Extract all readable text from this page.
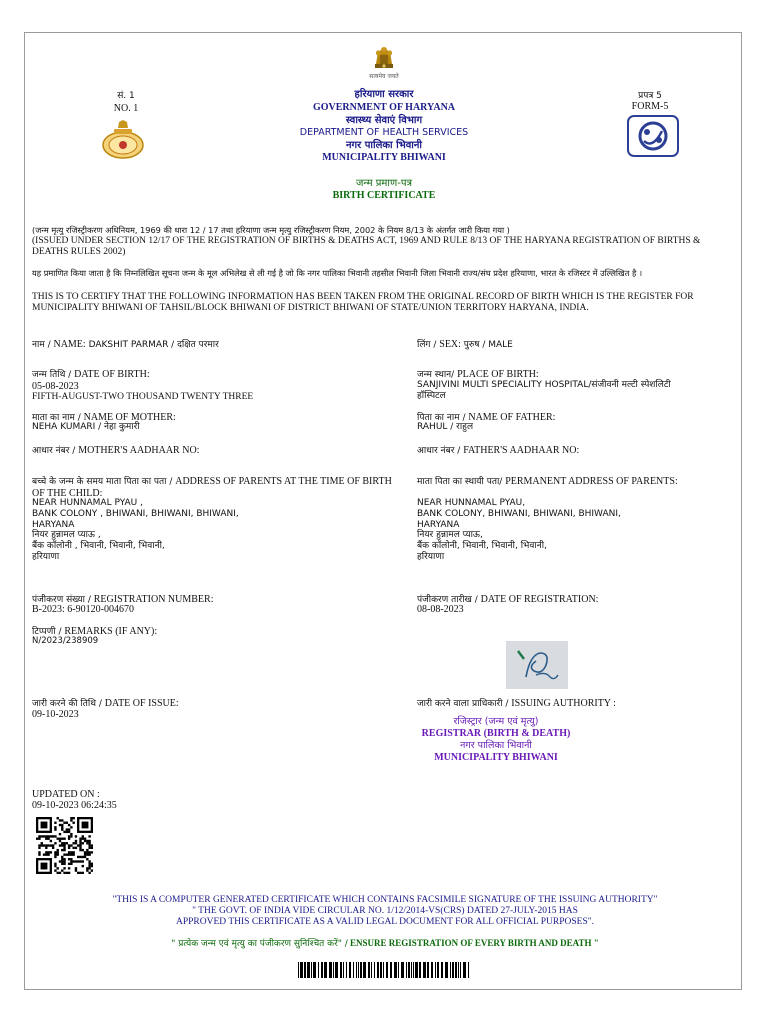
सत्यमेव जयते
सं. 1
NO. 1
प्रपत्र 5
FORM-5
हरियाणा सरकार
GOVERNMENT OF HARYANA
स्वास्थ्य सेवाएं विभाग
DEPARTMENT OF HEALTH SERVICES
नगर पालिका भिवानी
MUNICIPALITY BHIWANI
जन्म प्रमाण-पत्र
BIRTH CERTIFICATE
(जन्म मृत्यु रजिस्ट्रीकरण अधिनियम, 1969 की धारा 12 / 17 तथा हरियाणा जन्म मृत्यु रजिस्ट्रीकरण नियम, 2002 के नियम 8/13 के अंतर्गत जारी किया गया )
(ISSUED UNDER SECTION 12/17 OF THE REGISTRATION OF BIRTHS & DEATHS ACT, 1969 AND RULE 8/13 OF THE HARYANA REGISTRATION OF BIRTHS & DEATHS RULES 2002)
यह प्रमाणित किया जाता है कि निम्नलिखित सूचना जन्म के मूल अभिलेख से ली गई है जो कि नगर पालिका भिवानी तहसील भिवानी जिला भिवानी राज्य/संघ प्रदेश हरियाणा, भारत के रजिस्टर में उल्लिखित है ।
THIS IS TO CERTIFY THAT THE FOLLOWING INFORMATION HAS BEEN TAKEN FROM THE ORIGINAL RECORD OF BIRTH WHICH IS THE REGISTER FOR MUNICIPALITY BHIWANI OF TAHSIL/BLOCK BHIWANI OF DISTRICT BHIWANI OF STATE/UNION TERRITORY HARYANA, INDIA.
नाम / NAME: DAKSHIT PARMAR / दक्षित परमार	लिंग / SEX: पुरुष / MALE
जन्म तिथि / DATE OF BIRTH:
05-08-2023
FIFTH-AUGUST-TWO THOUSAND TWENTY THREE
जन्म स्थान/ PLACE OF BIRTH:
SANJIVINI MULTI SPECIALITY HOSPITAL/संजीवनी मल्टी स्पेशलिटी
हॉस्पिटल
माता का नाम / NAME OF MOTHER:
NEHA KUMARI / नेहा कुमारी
पिता का नाम / NAME OF FATHER:
RAHUL / राहुल
आधार नंबर / MOTHER'S AADHAAR NO:	आधार नंबर / FATHER'S AADHAAR NO:
बच्चे के जन्म के समय माता पिता का पता / ADDRESS OF PARENTS AT THE TIME OF BIRTH OF THE CHILD:
NEAR HUNNAMAL PYAU ,
BANK COLONY , BHIWANI, BHIWANI, BHIWANI,
HARYANA
नियर हुन्नामल प्याऊ ,
बैंक कॉलोनी , भिवानी, भिवानी, भिवानी,
हरियाणा
माता पिता का स्थायी पता/ PERMANENT ADDRESS OF PARENTS:
NEAR HUNNAMAL PYAU,
BANK COLONY, BHIWANI, BHIWANI, BHIWANI,
HARYANA
नियर हुन्नामल प्याऊ,
बैंक कॉलोनी, भिवानी, भिवानी, भिवानी,
हरियाणा
पंजीकरण संख्या / REGISTRATION NUMBER:
B-2023: 6-90120-004670
पंजीकरण तारीख / DATE OF REGISTRATION:
08-08-2023
टिप्पणी / REMARKS (IF ANY):
N/2023/238909
जारी करने की तिथि / DATE OF ISSUE:
09-10-2023
जारी करने वाला प्राधिकारी / ISSUING AUTHORITY :
रजिस्ट्रार (जन्म एवं मृत्यु)
REGISTRAR (BIRTH & DEATH)
नगर पालिका भिवानी
MUNICIPALITY BHIWANI
UPDATED ON :
09-10-2023 06:24:35
"THIS IS A COMPUTER GENERATED CERTIFICATE WHICH CONTAINS FACSIMILE SIGNATURE OF THE ISSUING AUTHORITY"
" THE GOVT. OF INDIA VIDE CIRCULAR NO. 1/12/2014-VS(CRS) DATED 27-JULY-2015 HAS
APPROVED THIS CERTIFICATE AS A VALID LEGAL DOCUMENT FOR ALL OFFICIAL PURPOSES".
" प्रत्येक जन्म एवं मृत्यु का पंजीकरण सुनिश्चित करें" / ENSURE REGISTRATION OF EVERY BIRTH AND DEATH "
